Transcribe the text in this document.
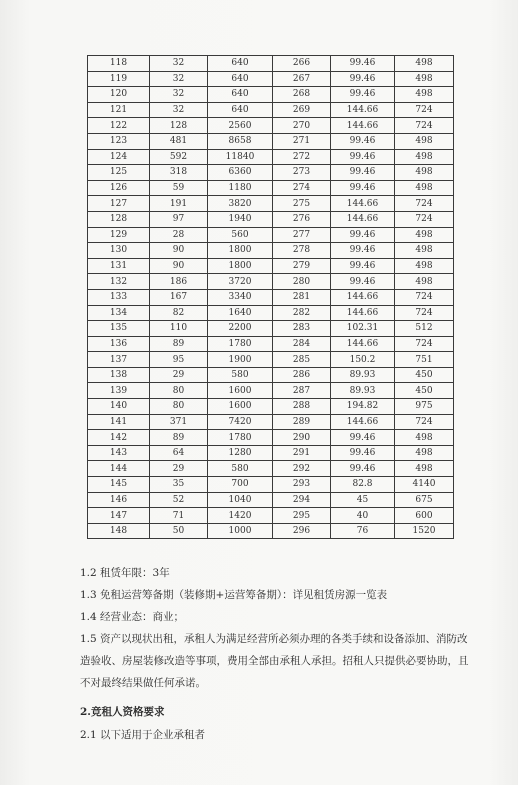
118	32	640	266	99.46	498
119	32	640	267	99.46	498
120	32	640	268	99.46	498
121	32	640	269	144.66	724
122	128	2560	270	144.66	724
123	481	8658	271	99.46	498
124	592	11840	272	99.46	498
125	318	6360	273	99.46	498
126	59	1180	274	99.46	498
127	191	3820	275	144.66	724
128	97	1940	276	144.66	724
129	28	560	277	99.46	498
130	90	1800	278	99.46	498
131	90	1800	279	99.46	498
132	186	3720	280	99.46	498
133	167	3340	281	144.66	724
134	82	1640	282	144.66	724
135	110	2200	283	102.31	512
136	89	1780	284	144.66	724
137	95	1900	285	150.2	751
138	29	580	286	89.93	450
139	80	1600	287	89.93	450
140	80	1600	288	194.82	975
141	371	7420	289	144.66	724
142	89	1780	290	99.46	498
143	64	1280	291	99.46	498
144	29	580	292	99.46	498
145	35	700	293	82.8	4140
146	52	1040	294	45	675
147	71	1420	295	40	600
148	50	1000	296	76	1520
1.2 租赁年限：3年
1.3 免租运营筹备期（装修期+运营筹备期）：详见租赁房源一览表
1.4 经营业态：商业；
1.5 资产以现状出租，承租人为满足经营所必须办理的各类手续和设备添加、消防改造验收、房屋装修改造等事项，费用全部由承租人承担。招租人只提供必要协助，且不对最终结果做任何承诺。
2.竞租人资格要求
2.1 以下适用于企业承租者
